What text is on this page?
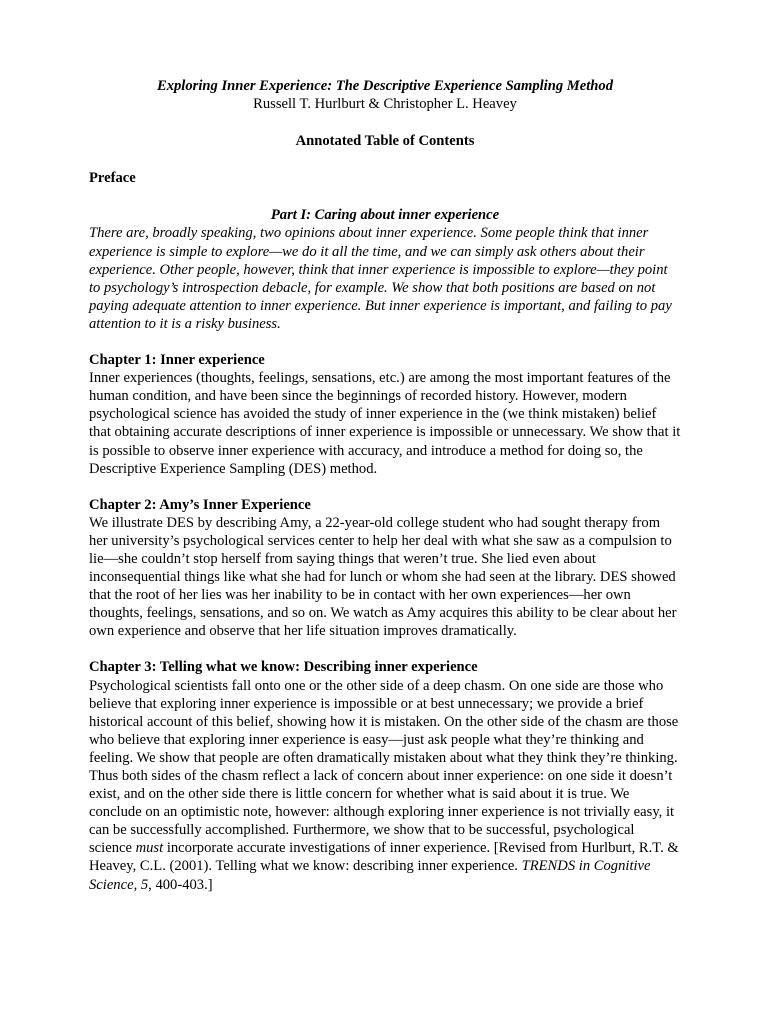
Exploring Inner Experience: The Descriptive Experience Sampling Method

Russell T. Hurlburt & Christopher L. Heavey

Annotated Table of Contents

Preface

Part I: Caring about inner experience

There are, broadly speaking, two opinions about inner experience. Some people think that inner experience is simple to explore—we do it all the time, and we can simply ask others about their experience. Other people, however, think that inner experience is impossible to explore—they point to psychology’s introspection debacle, for example. We show that both positions are based on not paying adequate attention to inner experience. But inner experience is important, and failing to pay attention to it is a risky business.

Chapter 1: Inner experience

Inner experiences (thoughts, feelings, sensations, etc.) are among the most important features of the human condition, and have been since the beginnings of recorded history. However, modern psychological science has avoided the study of inner experience in the (we think mistaken) belief that obtaining accurate descriptions of inner experience is impossible or unnecessary. We show that it is possible to observe inner experience with accuracy, and introduce a method for doing so, the Descriptive Experience Sampling (DES) method.

Chapter 2: Amy’s Inner Experience

We illustrate DES by describing Amy, a 22-year-old college student who had sought therapy from her university’s psychological services center to help her deal with what she saw as a compulsion to lie—she couldn’t stop herself from saying things that weren’t true. She lied even about inconsequential things like what she had for lunch or whom she had seen at the library. DES showed that the root of her lies was her inability to be in contact with her own experiences—her own thoughts, feelings, sensations, and so on. We watch as Amy acquires this ability to be clear about her own experience and observe that her life situation improves dramatically.

Chapter 3: Telling what we know: Describing inner experience

Psychological scientists fall onto one or the other side of a deep chasm. On one side are those who believe that exploring inner experience is impossible or at best unnecessary; we provide a brief historical account of this belief, showing how it is mistaken. On the other side of the chasm are those who believe that exploring inner experience is easy—just ask people what they’re thinking and feeling. We show that people are often dramatically mistaken about what they think they’re thinking. Thus both sides of the chasm reflect a lack of concern about inner experience: on one side it doesn’t exist, and on the other side there is little concern for whether what is said about it is true. We conclude on an optimistic note, however: although exploring inner experience is not trivially easy, it can be successfully accomplished. Furthermore, we show that to be successful, psychological science must incorporate accurate investigations of inner experience. [Revised from Hurlburt, R.T. & Heavey, C.L. (2001). Telling what we know: describing inner experience. TRENDS in Cognitive Science, 5, 400-403.]
